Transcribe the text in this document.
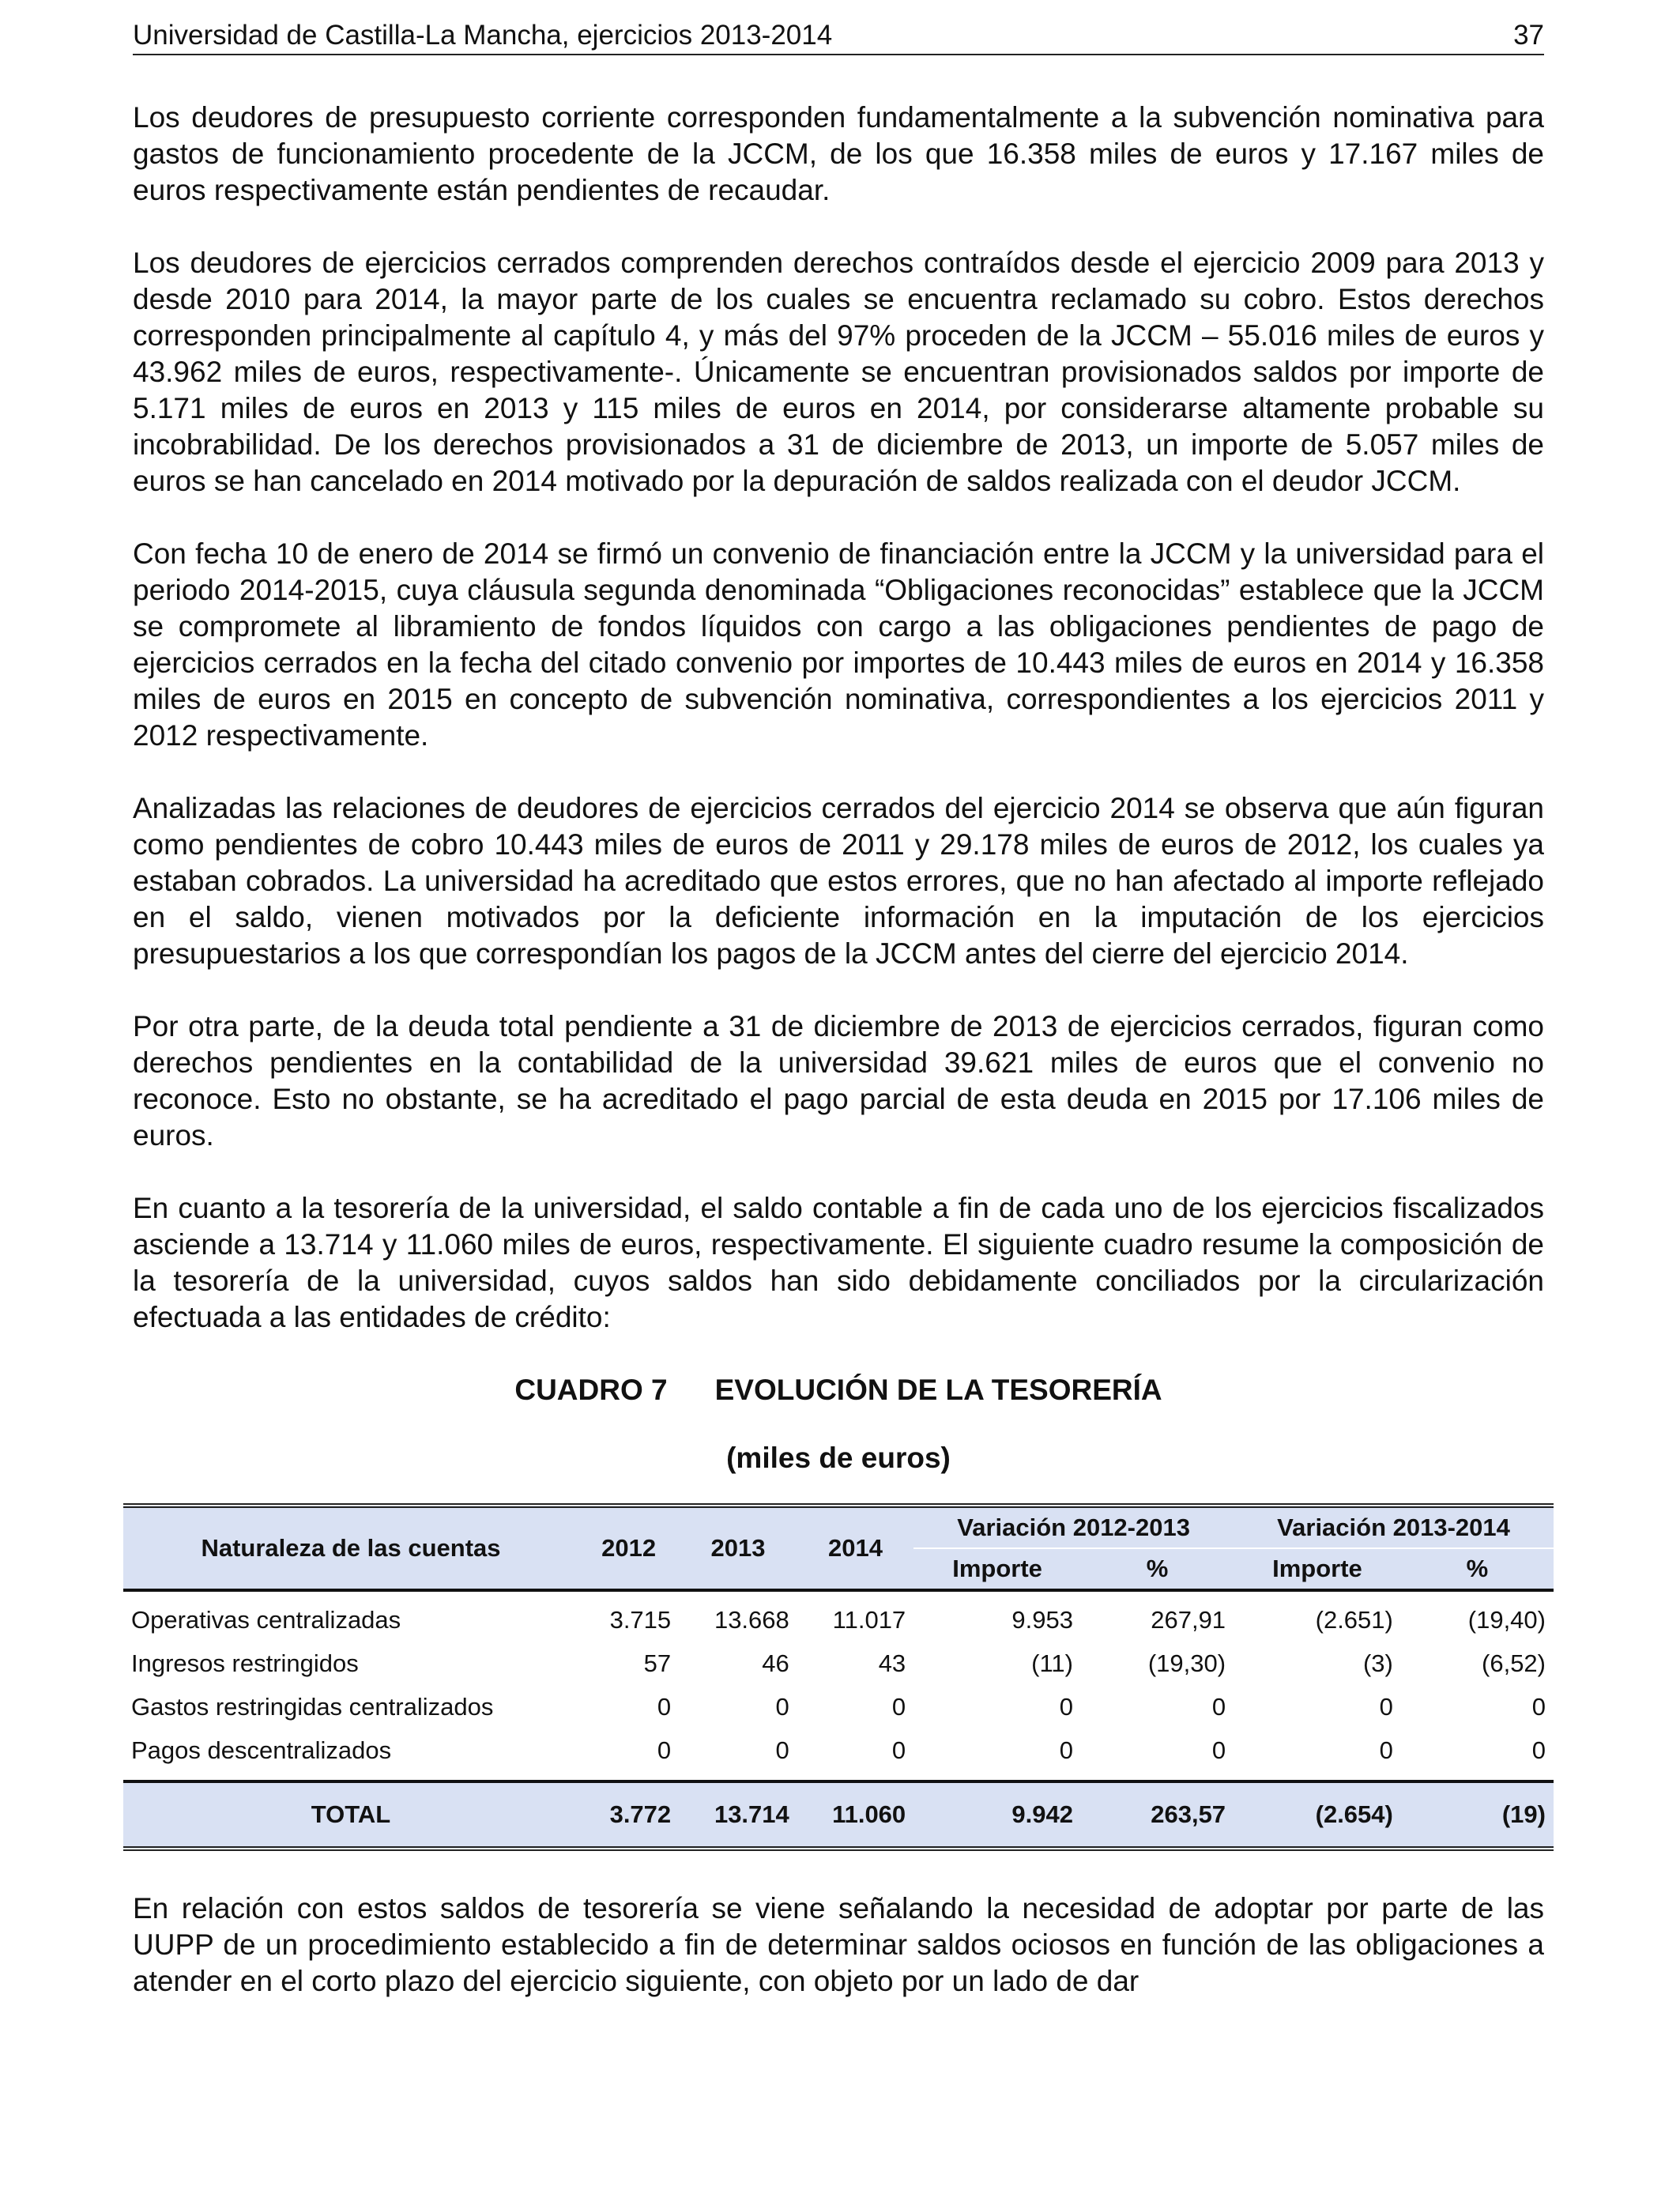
Universidad de Castilla-La Mancha, ejercicios 2013-2014	37

Los deudores de presupuesto corriente corresponden fundamentalmente a la subvención nominativa para gastos de funcionamiento procedente de la JCCM, de los que 16.358 miles de euros y 17.167 miles de euros respectivamente están pendientes de recaudar.

Los deudores de ejercicios cerrados comprenden derechos contraídos desde el ejercicio 2009 para 2013 y desde 2010 para 2014, la mayor parte de los cuales se encuentra reclamado su cobro. Estos derechos corresponden principalmente al capítulo 4, y más del 97% proceden de la JCCM – 55.016 miles de euros y 43.962 miles de euros, respectivamente-. Únicamente se encuentran provisionados saldos por importe de 5.171 miles de euros en 2013 y 115 miles de euros en 2014, por considerarse altamente probable su incobrabilidad. De los derechos provisionados a 31 de diciembre de 2013, un importe de 5.057 miles de euros se han cancelado en 2014 motivado por la depuración de saldos realizada con el deudor JCCM.

Con fecha 10 de enero de 2014 se firmó un convenio de financiación entre la JCCM y la universidad para el periodo 2014-2015, cuya cláusula segunda denominada “Obligaciones reconocidas” establece que la JCCM se compromete al libramiento de fondos líquidos con cargo a las obligaciones pendientes de pago de ejercicios cerrados en la fecha del citado convenio por importes de 10.443 miles de euros en 2014 y 16.358 miles de euros en 2015 en concepto de subvención nominativa, correspondientes a los ejercicios 2011 y 2012 respectivamente.

Analizadas las relaciones de deudores de ejercicios cerrados del ejercicio 2014 se observa que aún figuran como pendientes de cobro 10.443 miles de euros de 2011 y 29.178 miles de euros de 2012, los cuales ya estaban cobrados. La universidad ha acreditado que estos errores, que no han afectado al importe reflejado en el saldo, vienen motivados por la deficiente información en la imputación de los ejercicios presupuestarios a los que correspondían los pagos de la JCCM antes del cierre del ejercicio 2014.

Por otra parte, de la deuda total pendiente a 31 de diciembre de 2013 de ejercicios cerrados, figuran como derechos pendientes en la contabilidad de la universidad 39.621 miles de euros que el convenio no reconoce. Esto no obstante, se ha acreditado el pago parcial de esta deuda en 2015 por 17.106 miles de euros.

En cuanto a la tesorería de la universidad, el saldo contable a fin de cada uno de los ejercicios fiscalizados asciende a 13.714 y 11.060 miles de euros, respectivamente. El siguiente cuadro resume la composición de la tesorería de la universidad, cuyos saldos han sido debidamente conciliados por la circularización efectuada a las entidades de crédito:

CUADRO 7 EVOLUCIÓN DE LA TESORERÍA
(miles de euros)
Naturaleza de las cuentas	2012	2013	2014	Variación 2012-2013		Variación 2013-2014	
				Importe	%	Importe	%
Operativas centralizadas	3.715	13.668	11.017	9.953	267,91	(2.651)	(19,40)
Ingresos restringidos	57	46	43	(11)	(19,30)	(3)	(6,52)
Gastos restringidas centralizados	0	0	0	0	0	0	0
Pagos descentralizados	0	0	0	0	0	0	0
TOTAL	3.772	13.714	11.060	9.942	263,57	(2.654)	(19)

En relación con estos saldos de tesorería se viene señalando la necesidad de adoptar por parte de las UUPP de un procedimiento establecido a fin de determinar saldos ociosos en función de las obligaciones a atender en el corto plazo del ejercicio siguiente, con objeto por un lado de dar
